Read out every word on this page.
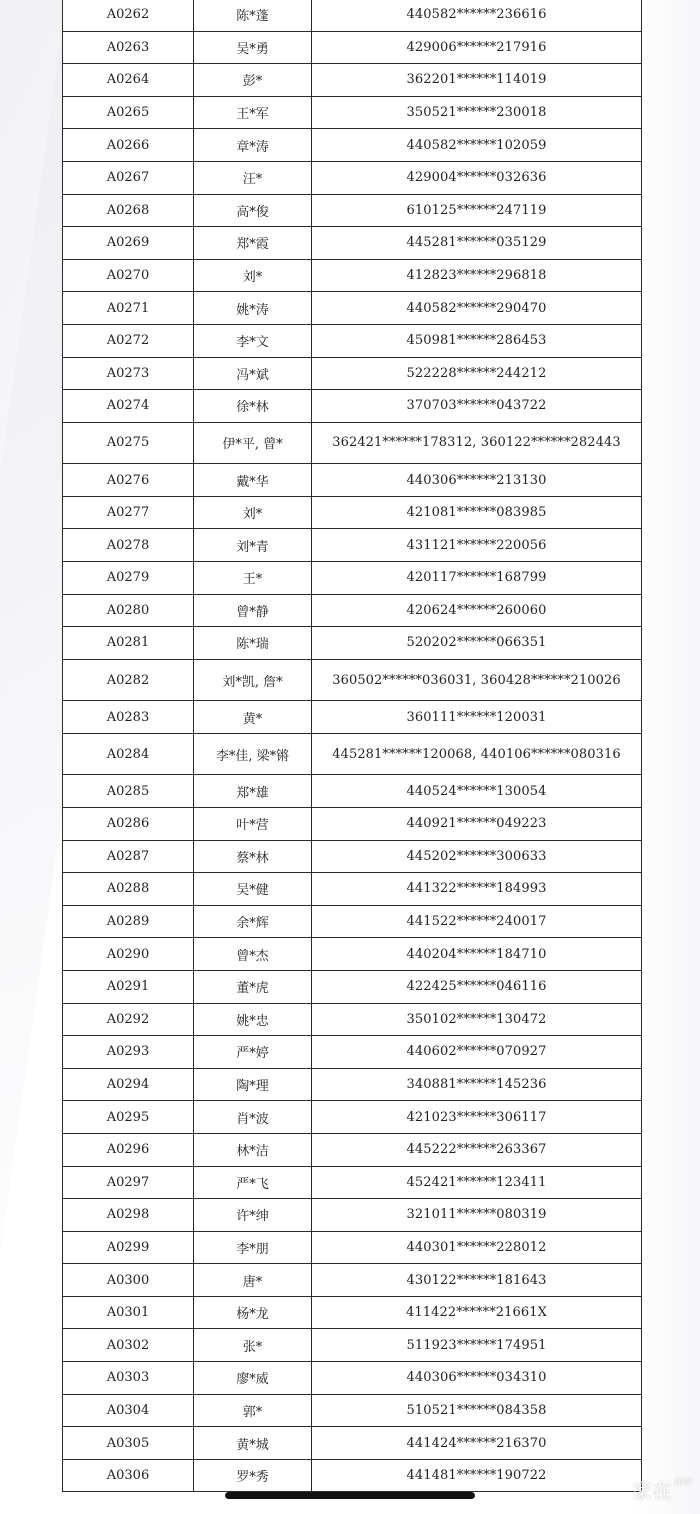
A0262	陈*蓬	440582******236616
A0263	吴*勇	429006******217916
A0264	彭*	362201******114019
A0265	王*军	350521******230018
A0266	章*涛	440582******102059
A0267	汪*	429004******032636
A0268	高*俊	610125******247119
A0269	郑*霞	445281******035129
A0270	刘*	412823******296818
A0271	姚*涛	440582******290470
A0272	李*文	450981******286453
A0273	冯*斌	522228******244212
A0274	徐*林	370703******043722
A0275	伊*平, 曾*	362421******178312, 360122******282443
A0276	戴*华	440306******213130
A0277	刘*	421081******083985
A0278	刘*青	431121******220056
A0279	王*	420117******168799
A0280	曾*静	420624******260060
A0281	陈*瑞	520202******066351
A0282	刘*凯, 詹*	360502******036031, 360428******210026
A0283	黄*	360111******120031
A0284	李*佳, 梁*锵	445281******120068, 440106******080316
A0285	郑*雄	440524******130054
A0286	叶*营	440921******049223
A0287	蔡*林	445202******300633
A0288	吴*健	441322******184993
A0289	余*辉	441522******240017
A0290	曾*杰	440204******184710
A0291	董*虎	422425******046116
A0292	姚*忠	350102******130472
A0293	严*婷	440602******070927
A0294	陶*理	340881******145236
A0295	肖*波	421023******306117
A0296	林*洁	445222******263367
A0297	严*飞	452421******123411
A0298	许*绅	321011******080319
A0299	李*朋	440301******228012
A0300	唐*	430122******181643
A0301	杨*龙	411422******21661X
A0302	张*	511923******174951
A0303	廖*威	440306******034310
A0304	郭*	510521******084358
A0305	黄*城	441424******216370
A0306	罗*秀	441481******190722
家在 $^{深圳}$
